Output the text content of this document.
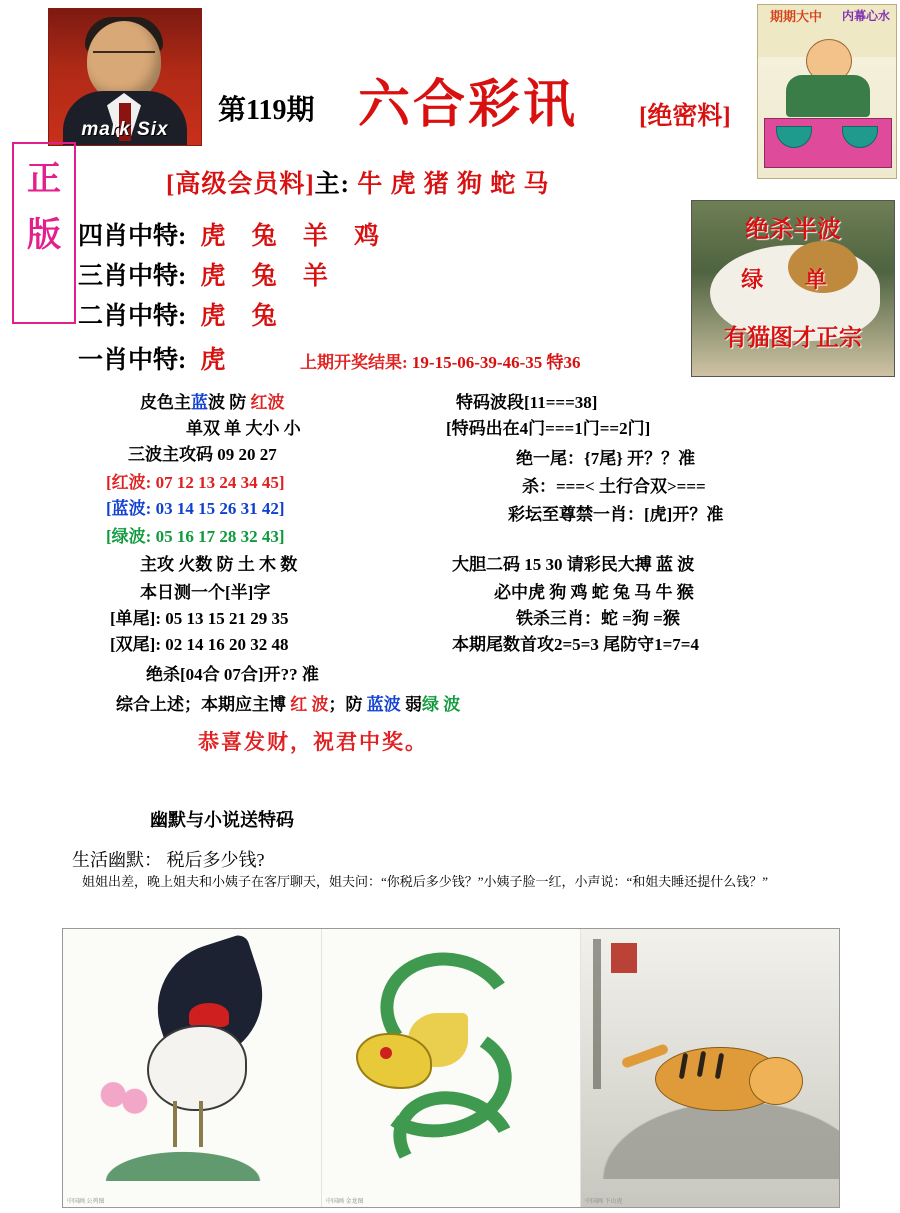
mark Six
第119期 六合彩讯 [绝密料]
期期大中	内幕心水
正版
[高级会员料]主: 牛 虎 猪 狗 蛇 马
四肖中特: 虎 兔 羊 鸡
三肖中特: 虎 兔 羊
二肖中特: 虎 兔
一肖中特: 虎	上期开奖结果: 19-15-06-39-46-35 特36
绝杀半波
绿 单
有猫图才正宗
皮色主蓝波 防 红波
单双 单 大小 小
三波主攻码 09 20 27
[红波: 07 12 13 24 34 45]
[蓝波: 03 14 15 26 31 42]
[绿波: 05 16 17 28 32 43]
主攻 火数 防 土 木 数
本日测一个[半]字
[单尾]: 05 13 15 21 29 35
[双尾]: 02 14 16 20 32 48
绝杀[04合 07合]开?? 准
特码波段[11===38]
[特码出在4门===1门==2门]
绝一尾：{7尾} 开？？准
杀：===< 土行合双>===
彩坛至尊禁一肖：[虎]开？准
大胆二码 15 30 请彩民大搏 蓝 波
必中虎 狗 鸡 蛇 兔 马 牛 猴
铁杀三肖：蛇 =狗 =猴
本期尾数首攻2=5=3 尾防守1=7=4
综合上述；本期应主博 红 波；防 蓝波 弱绿 波
恭喜发财，祝君中奖。
幽默与小说送特码
生活幽默： 税后多少钱?
姐姐出差，晚上姐夫和小姨子在客厅聊天，姐夫问：“你税后多少钱？”小姨子脸一红，小声说：“和姐夫睡还提什么钱？”
中国画 公鸡图	中国画 金龙图	中国画 下山虎
